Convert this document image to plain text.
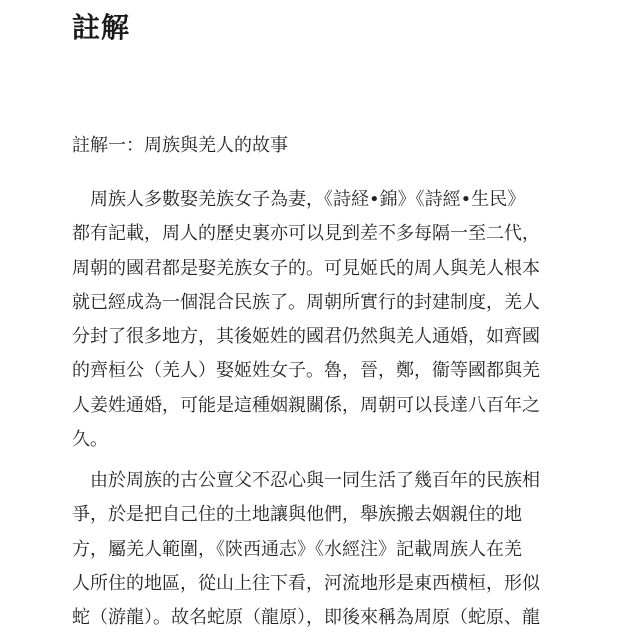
註解
註解一：周族與羌人的故事
周族人多數娶羌族女子為妻，《詩経•錦》《詩經•生民》
都有記載，周人的歷史裏亦可以見到差不多每隔一至二代，
周朝的國君都是娶羌族女子的。可見姬氏的周人與羌人根本
就已經成為一個混合民族了。周朝所實行的封建制度，羌人
分封了很多地方，其後姬姓的國君仍然與羌人通婚，如齊國
的齊桓公（羌人）娶姬姓女子。魯，晉，鄭，衞等國都與羌
人姜姓通婚，可能是這種姻親關係，周朝可以長達八百年之
久。
由於周族的古公亶父不忍心與一同生活了幾百年的民族相
爭，於是把自己住的土地讓與他們，舉族搬去姻親住的地
方，屬羌人範圍，《陝西通志》《水經注》記載周族人在羌
人所住的地區，從山上往下看，河流地形是東西横桓，形似
蛇（游龍）。故名蛇原（龍原），即後來稱為周原（蛇原、龍
